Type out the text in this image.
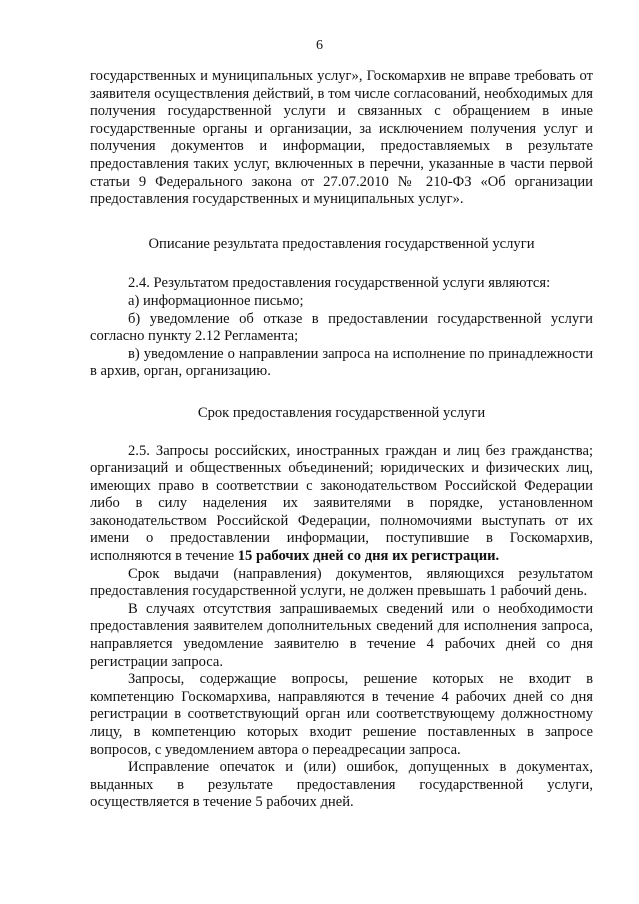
6

государственных и муниципальных услуг», Госкомархив не вправе требовать от заявителя осуществления действий, в том числе согласований, необходимых для получения государственной услуги и связанных с обращением в иные государственные органы и организации, за исключением получения услуг и получения документов и информации, предоставляемых в результате предоставления таких услуг, включенных в перечни, указанные в части первой статьи 9 Федерального закона от 27.07.2010 № 210-ФЗ «Об организации предоставления государственных и муниципальных услуг».

Описание результата предоставления государственной услуги

2.4. Результатом предоставления государственной услуги являются:

а) информационное письмо;

б) уведомление об отказе в предоставлении государственной услуги согласно пункту 2.12 Регламента;

в) уведомление о направлении запроса на исполнение по принадлежности в архив, орган, организацию.

Срок предоставления государственной услуги

2.5. Запросы российских, иностранных граждан и лиц без гражданства; организаций и общественных объединений; юридических и физических лиц, имеющих право в соответствии с законодательством Российской Федерации либо в силу наделения их заявителями в порядке, установленном законодательством Российской Федерации, полномочиями выступать от их имени о предоставлении информации, поступившие в Госкомархив, исполняются в течение 15 рабочих дней со дня их регистрации.

Срок выдачи (направления) документов, являющихся результатом предоставления государственной услуги, не должен превышать 1 рабочий день.

В случаях отсутствия запрашиваемых сведений или о необходимости предоставления заявителем дополнительных сведений для исполнения запроса, направляется уведомление заявителю в течение 4 рабочих дней со дня регистрации запроса.

Запросы, содержащие вопросы, решение которых не входит в компетенцию Госкомархива, направляются в течение 4 рабочих дней со дня регистрации в соответствующий орган или соответствующему должностному лицу, в компетенцию которых входит решение поставленных в запросе вопросов, с уведомлением автора о переадресации запроса.

Исправление опечаток и (или) ошибок, допущенных в документах, выданных в результате предоставления государственной услуги, осуществляется в течение 5 рабочих дней.
